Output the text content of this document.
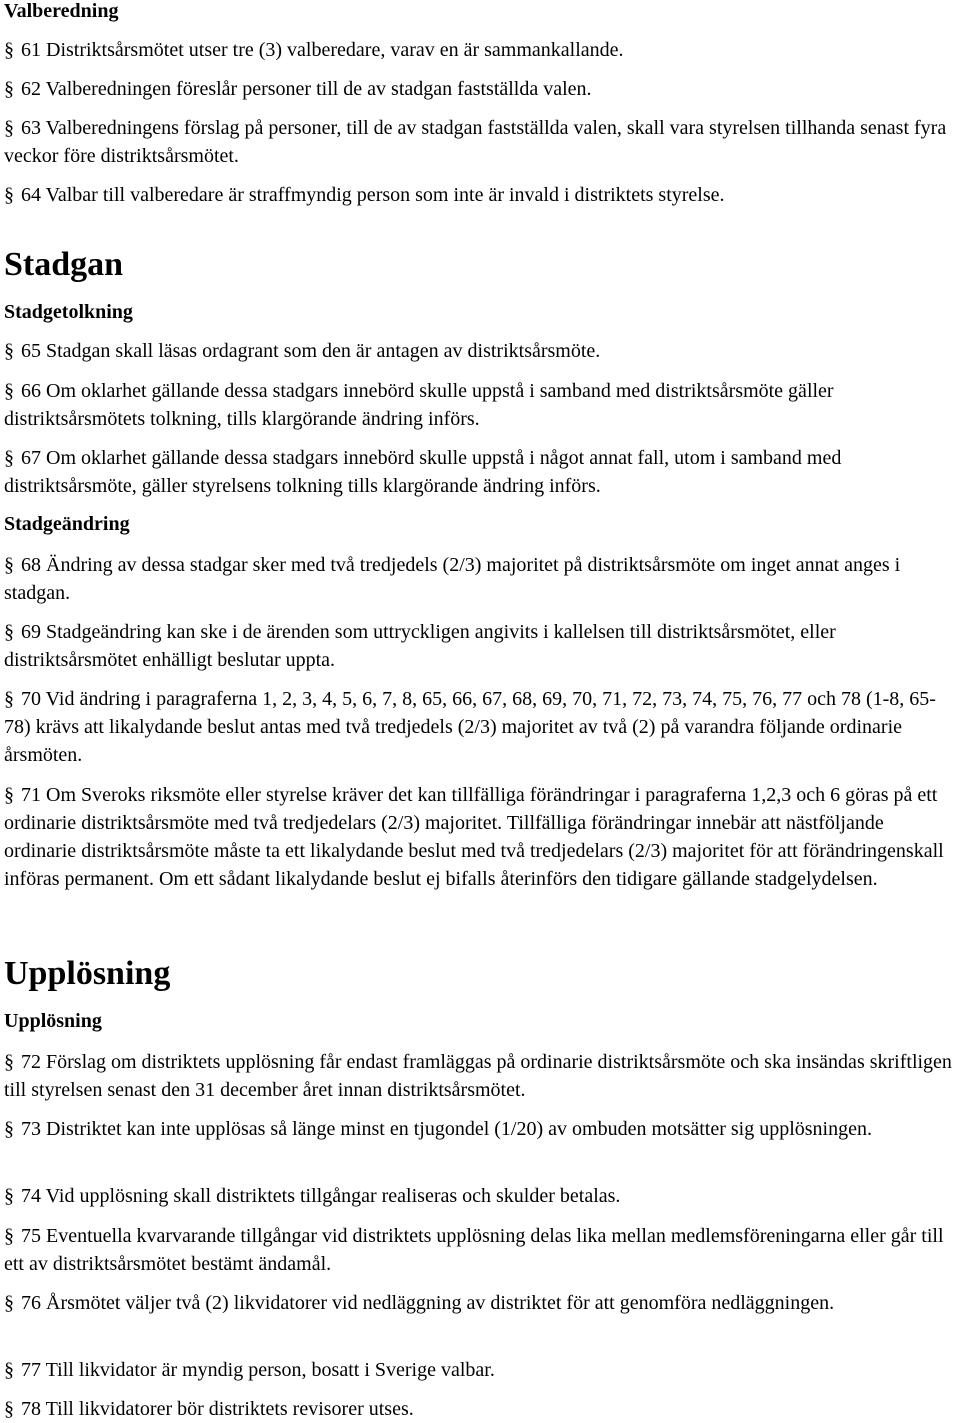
Valberedning
§ 61 Distriktsårsmötet utser tre (3) valberedare, varav en är sammankallande.
§ 62 Valberedningen föreslår personer till de av stadgan fastställda valen.
§ 63 Valberedningens förslag på personer, till de av stadgan fastställda valen, skall vara styrelsen tillhanda senast fyra veckor före distriktsårsmötet.
§ 64 Valbar till valberedare är straffmyndig person som inte är invald i distriktets styrelse.
Stadgan
Stadgetolkning
§ 65 Stadgan skall läsas ordagrant som den är antagen av distriktsårsmöte.
§ 66 Om oklarhet gällande dessa stadgars innebörd skulle uppstå i samband med distriktsårsmöte gäller distriktsårsmötets tolkning, tills klargörande ändring införs.
§ 67 Om oklarhet gällande dessa stadgars innebörd skulle uppstå i något annat fall, utom i samband med distriktsårsmöte, gäller styrelsens tolkning tills klargörande ändring införs.
Stadgeändring
§ 68 Ändring av dessa stadgar sker med två tredjedels (2/3) majoritet på distriktsårsmöte om inget annat anges i stadgan.
§ 69 Stadgeändring kan ske i de ärenden som uttryckligen angivits i kallelsen till distriktsårsmötet, eller distriktsårsmötet enhälligt beslutar uppta.
§ 70 Vid ändring i paragraferna 1, 2, 3, 4, 5, 6, 7, 8, 65, 66, 67, 68, 69, 70, 71, 72, 73, 74, 75, 76, 77 och 78 (1-8, 65-78) krävs att likalydande beslut antas med två tredjedels (2/3) majoritet av två (2) på varandra följande ordinarie årsmöten.
§ 71 Om Sveroks riksmöte eller styrelse kräver det kan tillfälliga förändringar i paragraferna 1,2,3 och 6 göras på ett ordinarie distriktsårsmöte med två tredjedelars (2/3) majoritet. Tillfälliga förändringar innebär att nästföljande ordinarie distriktsårsmöte måste ta ett likalydande beslut med två tredjedelars (2/3) majoritet för att förändringenskall införas permanent. Om ett sådant likalydande beslut ej bifalls återinförs den tidigare gällande stadgelydelsen.
Upplösning
Upplösning
§ 72 Förslag om distriktets upplösning får endast framläggas på ordinarie distriktsårsmöte och ska insändas skriftligen till styrelsen senast den 31 december året innan distriktsårsmötet.
§ 73 Distriktet kan inte upplösas så länge minst en tjugondel (1/20) av ombuden motsätter sig upplösningen.
§ 74 Vid upplösning skall distriktets tillgångar realiseras och skulder betalas.
§ 75 Eventuella kvarvarande tillgångar vid distriktets upplösning delas lika mellan medlemsföreningarna eller går till ett av distriktsårsmötet bestämt ändamål.
§ 76 Årsmötet väljer två (2) likvidatorer vid nedläggning av distriktet för att genomföra nedläggningen.
§ 77 Till likvidator är myndig person, bosatt i Sverige valbar.
§ 78 Till likvidatorer bör distriktets revisorer utses.
